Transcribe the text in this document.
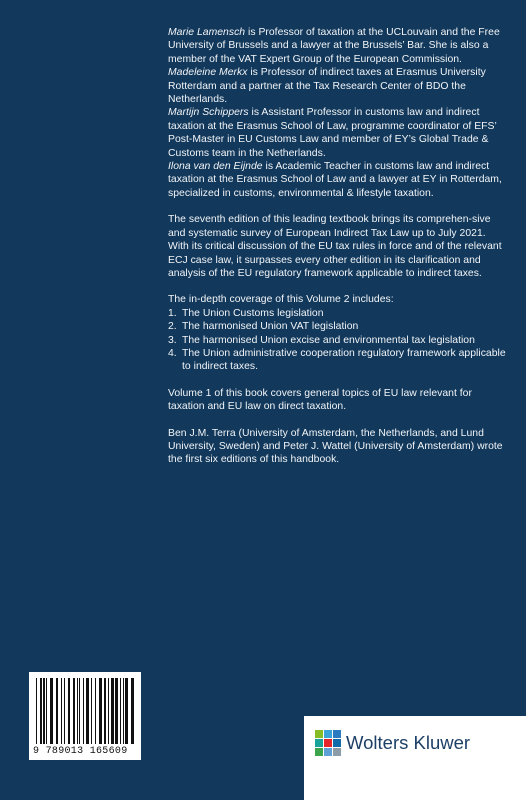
Marie Lamensch is Professor of taxation at the UCLouvain and the Free University of Brussels and a lawyer at the Brussels’ Bar. She is also a member of the VAT Expert Group of the European Commission.

Madeleine Merkx is Professor of indirect taxes at Erasmus University Rotterdam and a partner at the Tax Research Center of BDO the Netherlands.

Martijn Schippers is Assistant Professor in customs law and indirect taxation at the Erasmus School of Law, programme coordinator of EFS’ Post-Master in EU Customs Law and member of EY’s Global Trade & Customs team in the Netherlands.

Ilona van den Eijnde is Academic Teacher in customs law and indirect taxation at the Erasmus School of Law and a lawyer at EY in Rotterdam, specialized in customs, environmental & lifestyle taxation.

The seventh edition of this leading textbook brings its comprehen-sive and systematic survey of European Indirect Tax Law up to July 2021. With its critical discussion of the EU tax rules in force and of the relevant ECJ case law, it surpasses every other edition in its clarification and analysis of the EU regulatory framework applicable to indirect taxes.

The in-depth coverage of this Volume 2 includes:

1. The Union Customs legislation
2. The harmonised Union VAT legislation
3. The harmonised Union excise and environmental tax legislation
4. The Union administrative cooperation regulatory framework applicable to indirect taxes.

Volume 1 of this book covers general topics of EU law relevant for taxation and EU law on direct taxation.

Ben J.M. Terra (University of Amsterdam, the Netherlands, and Lund University, Sweden) and Peter J. Wattel (University of Amsterdam) wrote the first six editions of this handbook.

9 789013 165609	Wolters Kluwer
